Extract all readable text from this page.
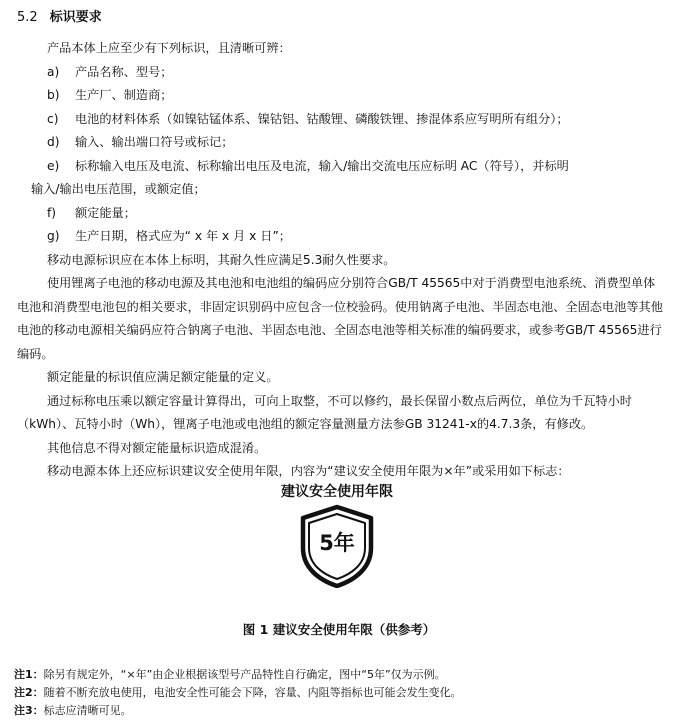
5.2 标识要求

产品本体上应至少有下列标识，且清晰可辨：

a) 产品名称、型号；

b) 生产厂、制造商；

c) 电池的材料体系（如镍钴锰体系、镍钴铝、钴酸锂、磷酸铁锂、掺混体系应写明所有组分）；

d) 输入、输出端口符号或标记；

e) 标称输入电压及电流、标称输出电压及电流，输入/输出交流电压应标明 AC（符号），并标明

输入/输出电压范围，或额定值；

f) 额定能量；

g) 生产日期，格式应为“ x 年 x 月 x 日”；

移动电源标识应在本体上标明，其耐久性应满足5.3耐久性要求。

使用锂离子电池的移动电源及其电池和电池组的编码应分别符合GB/T 45565中对于消费型电池系统、消费型单体电池和消费型电池包的相关要求，非固定识别码中应包含一位校验码。使用钠离子电池、半固态电池、全固态电池等其他电池的移动电源相关编码应符合钠离子电池、半固态电池、全固态电池等相关标准的编码要求，或参考GB/T 45565进行编码。

额定能量的标识值应满足额定能量的定义。

通过标称电压乘以额定容量计算得出，可向上取整，不可以修约，最长保留小数点后两位，单位为千瓦特小时（kWh）、瓦特小时（Wh），锂离子电池或电池组的额定容量测量方法参GB 31241-x的4.7.3条，有修改。

其他信息不得对额定能量标识造成混淆。

移动电源本体上还应标识建议安全使用年限，内容为“建议安全使用年限为×年”或采用如下标志：

建议安全使用年限
5年
图 1 建议安全使用年限（供参考）
注1：除另有规定外，“×年”由企业根据该型号产品特性自行确定，图中“5年”仅为示例。
注2：随着不断充放电使用，电池安全性可能会下降，容量、内阻等指标也可能会发生变化。
注3：标志应清晰可见。
